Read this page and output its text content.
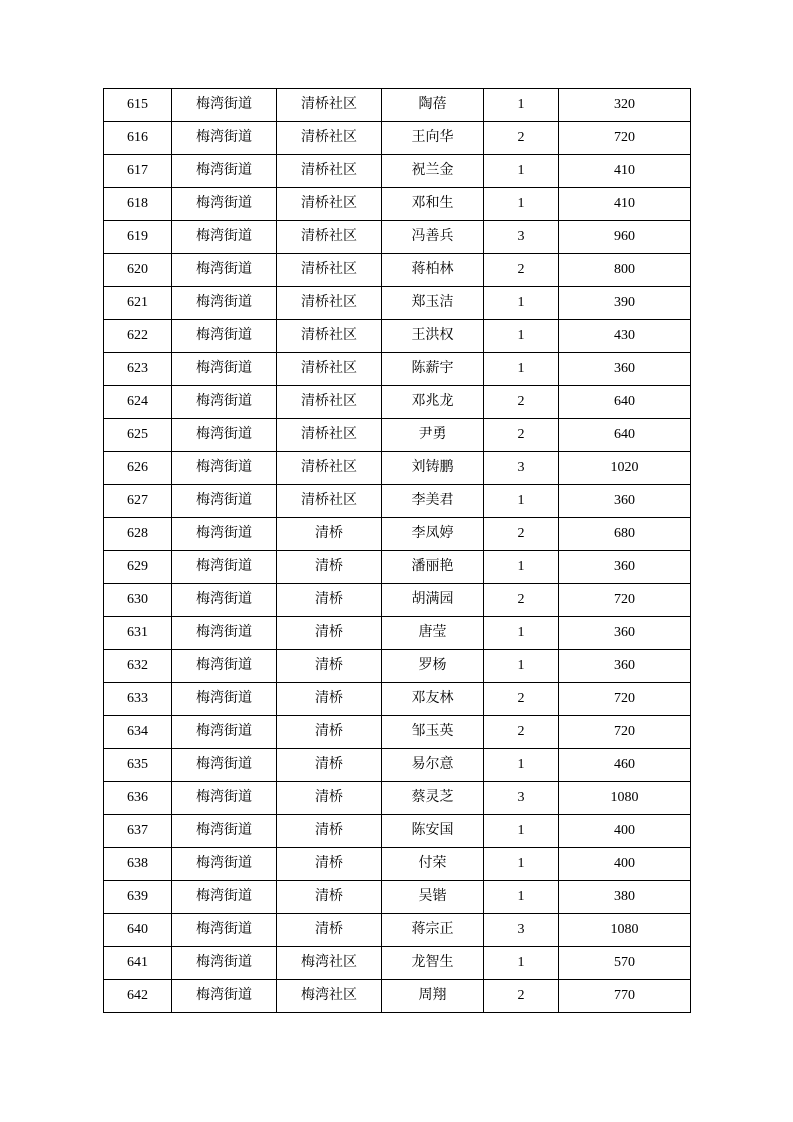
615	梅湾街道	清桥社区	陶蓓	1	320
616	梅湾街道	清桥社区	王向华	2	720
617	梅湾街道	清桥社区	祝兰金	1	410
618	梅湾街道	清桥社区	邓和生	1	410
619	梅湾街道	清桥社区	冯善兵	3	960
620	梅湾街道	清桥社区	蒋柏林	2	800
621	梅湾街道	清桥社区	郑玉洁	1	390
622	梅湾街道	清桥社区	王洪权	1	430
623	梅湾街道	清桥社区	陈薪宇	1	360
624	梅湾街道	清桥社区	邓兆龙	2	640
625	梅湾街道	清桥社区	尹勇	2	640
626	梅湾街道	清桥社区	刘铸鹏	3	1020
627	梅湾街道	清桥社区	李美君	1	360
628	梅湾街道	清桥	李凤婷	2	680
629	梅湾街道	清桥	潘丽艳	1	360
630	梅湾街道	清桥	胡满园	2	720
631	梅湾街道	清桥	唐莹	1	360
632	梅湾街道	清桥	罗杨	1	360
633	梅湾街道	清桥	邓友林	2	720
634	梅湾街道	清桥	邹玉英	2	720
635	梅湾街道	清桥	易尔意	1	460
636	梅湾街道	清桥	蔡灵芝	3	1080
637	梅湾街道	清桥	陈安国	1	400
638	梅湾街道	清桥	付荣	1	400
639	梅湾街道	清桥	吴锴	1	380
640	梅湾街道	清桥	蒋宗正	3	1080
641	梅湾街道	梅湾社区	龙智生	1	570
642	梅湾街道	梅湾社区	周翔	2	770
